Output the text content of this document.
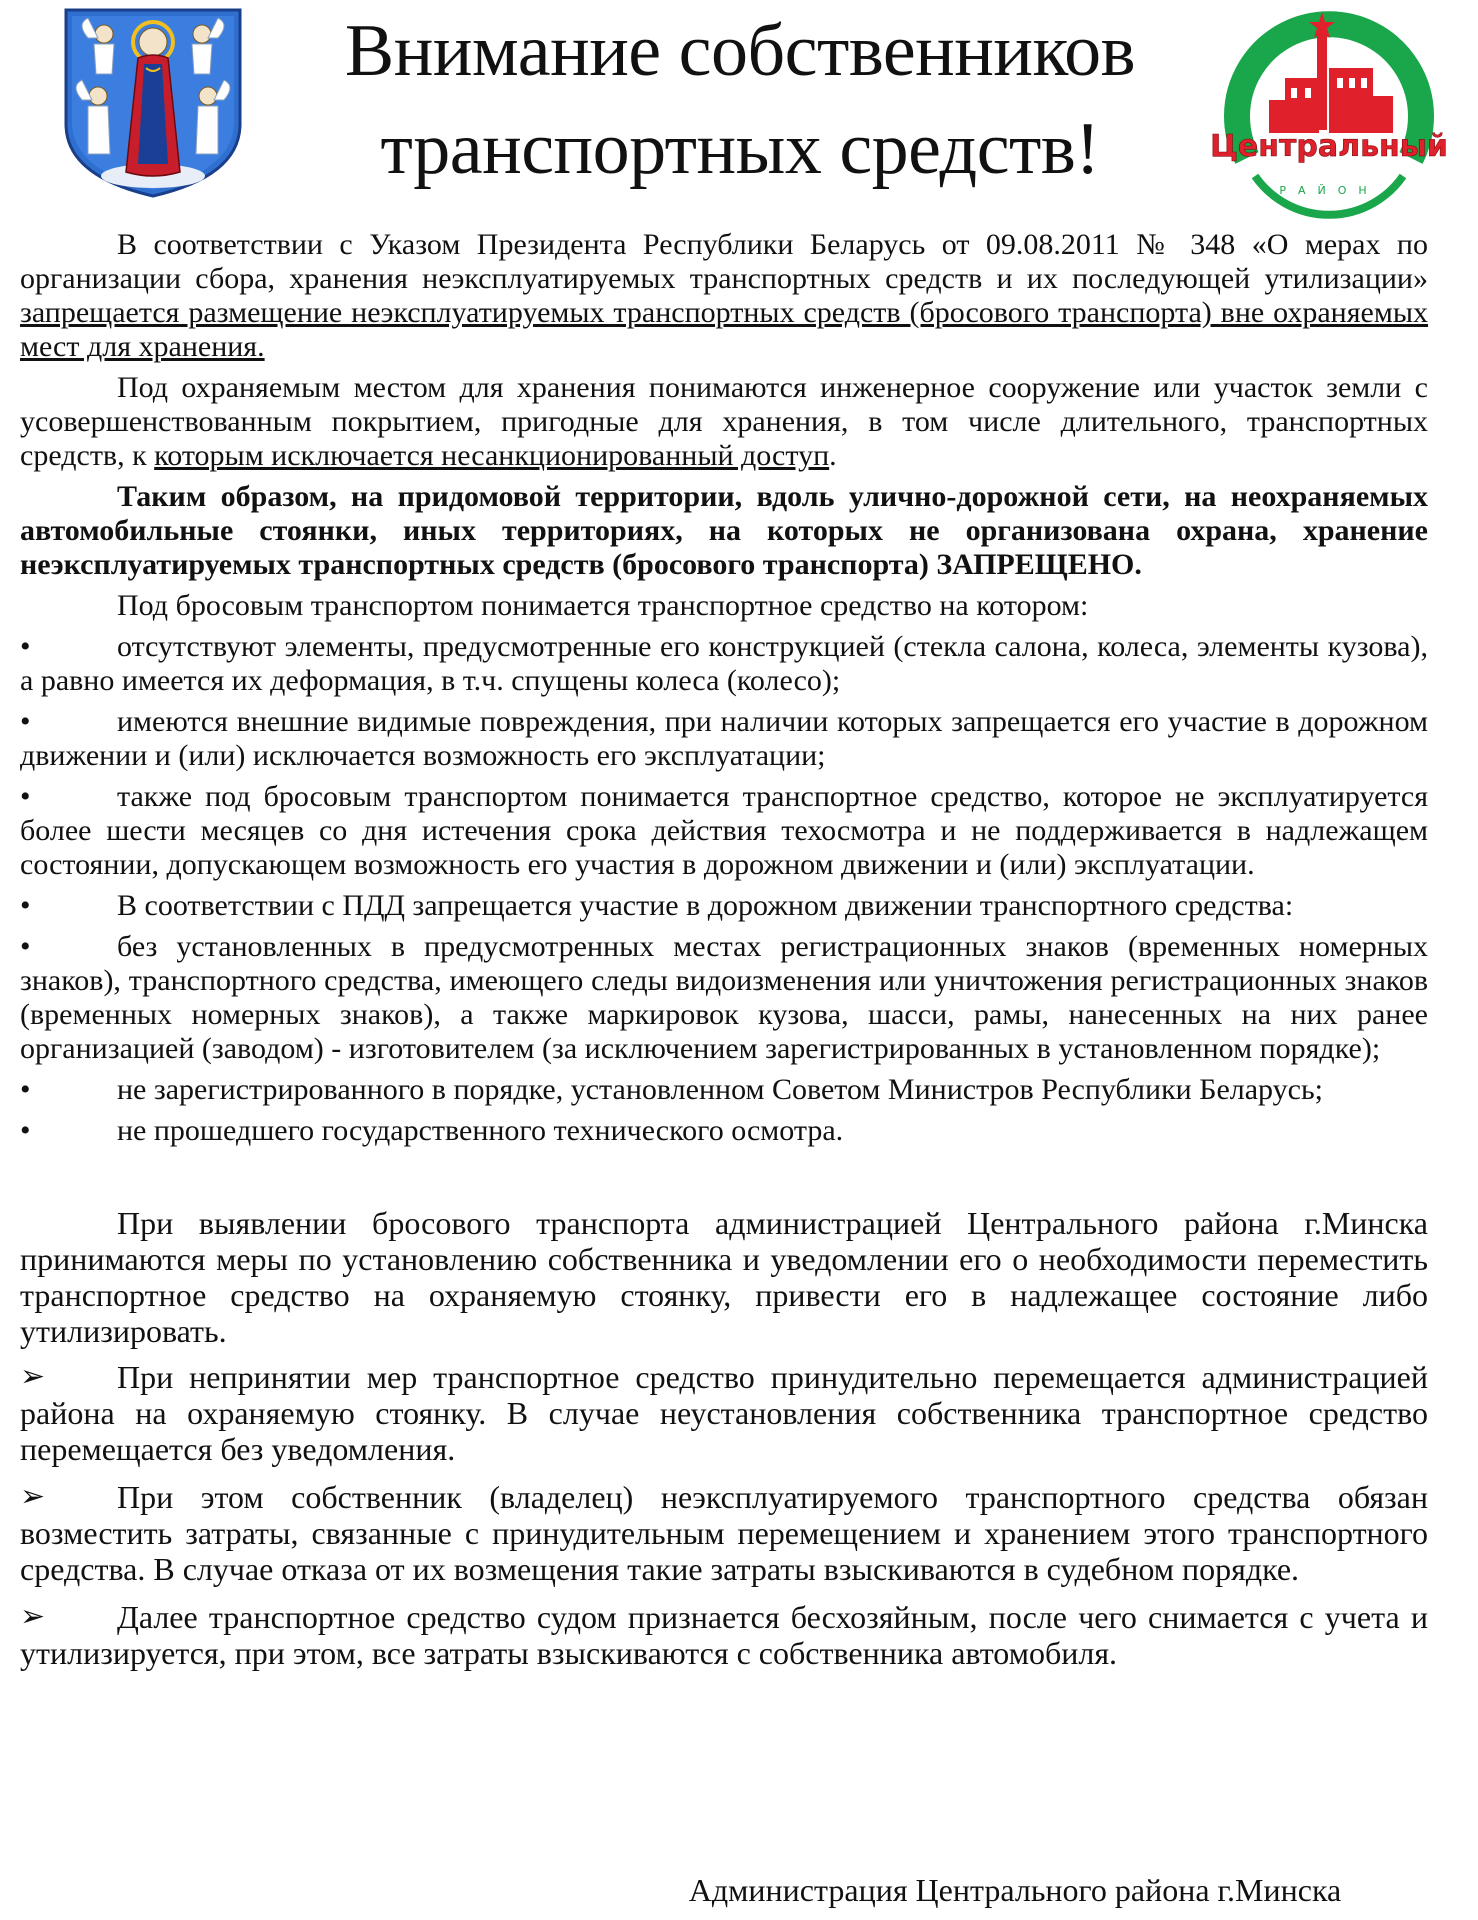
Внимание собственников
транспортных средств!	Центральный
РАЙОН

В соответствии с Указом Президента Республики Беларусь от 09.08.2011 № 348 «О мерах по организации сбора, хранения неэксплуатируемых транспортных средств и их последующей утилизации» запрещается размещение неэксплуатируемых транспортных средств (бросового транспорта) вне охраняемых мест для хранения.

Под охраняемым местом для хранения понимаются инженерное сооружение или участок земли с усовершенствованным покрытием, пригодные для хранения, в том числе длительного, транспортных средств, к которым исключается несанкционированный доступ.

Таким образом, на придомовой территории, вдоль улично-дорожной сети, на неохраняемых автомобильные стоянки, иных территориях, на которых не организована охрана, хранение неэксплуатируемых транспортных средств (бросового транспорта) ЗАПРЕЩЕНО.

Под бросовым транспортом понимается транспортное средство на котором:

•	отсутствуют элементы, предусмотренные его конструкцией (стекла салона, колеса, элементы кузова), а равно имеется их деформация, в т.ч. спущены колеса (колесо);
•	имеются внешние видимые повреждения, при наличии которых запрещается его участие в дорожном движении и (или) исключается возможность его эксплуатации;
•	также под бросовым транспортом понимается транспортное средство, которое не эксплуатируется более шести месяцев со дня истечения срока действия техосмотра и не поддерживается в надлежащем состоянии, допускающем возможность его участия в дорожном движении и (или) эксплуатации.
•	В соответствии с ПДД запрещается участие в дорожном движении транспортного средства:
•	без установленных в предусмотренных местах регистрационных знаков (временных номерных знаков), транспортного средства, имеющего следы видоизменения или уничтожения регистрационных знаков (временных номерных знаков), а также маркировок кузова, шасси, рамы, нанесенных на них ранее организацией (заводом) - изготовителем (за исключением зарегистрированных в установленном порядке);
•	не зарегистрированного в порядке, установленном Советом Министров Республики Беларусь;
•	не прошедшего государственного технического осмотра.

При выявлении бросового транспорта администрацией Центрального района г.Минска принимаются меры по установлению собственника и уведомлении его о необходимости переместить транспортное средство на охраняемую стоянку, привести его в надлежащее состояние либо утилизировать.

➢ При непринятии мер транспортное средство принудительно перемещается администрацией района на охраняемую стоянку. В случае неустановления собственника транспортное средство перемещается без уведомления.
➢ При этом собственник (владелец) неэксплуатируемого транспортного средства обязан возместить затраты, связанные с принудительным перемещением и хранением этого транспортного средства. В случае отказа от их возмещения такие затраты взыскиваются в судебном порядке.
➢ Далее транспортное средство судом признается бесхозяйным, после чего снимается с учета и утилизируется, при этом, все затраты взыскиваются с собственника автомобиля.
Администрация Центрального района г.Минска
